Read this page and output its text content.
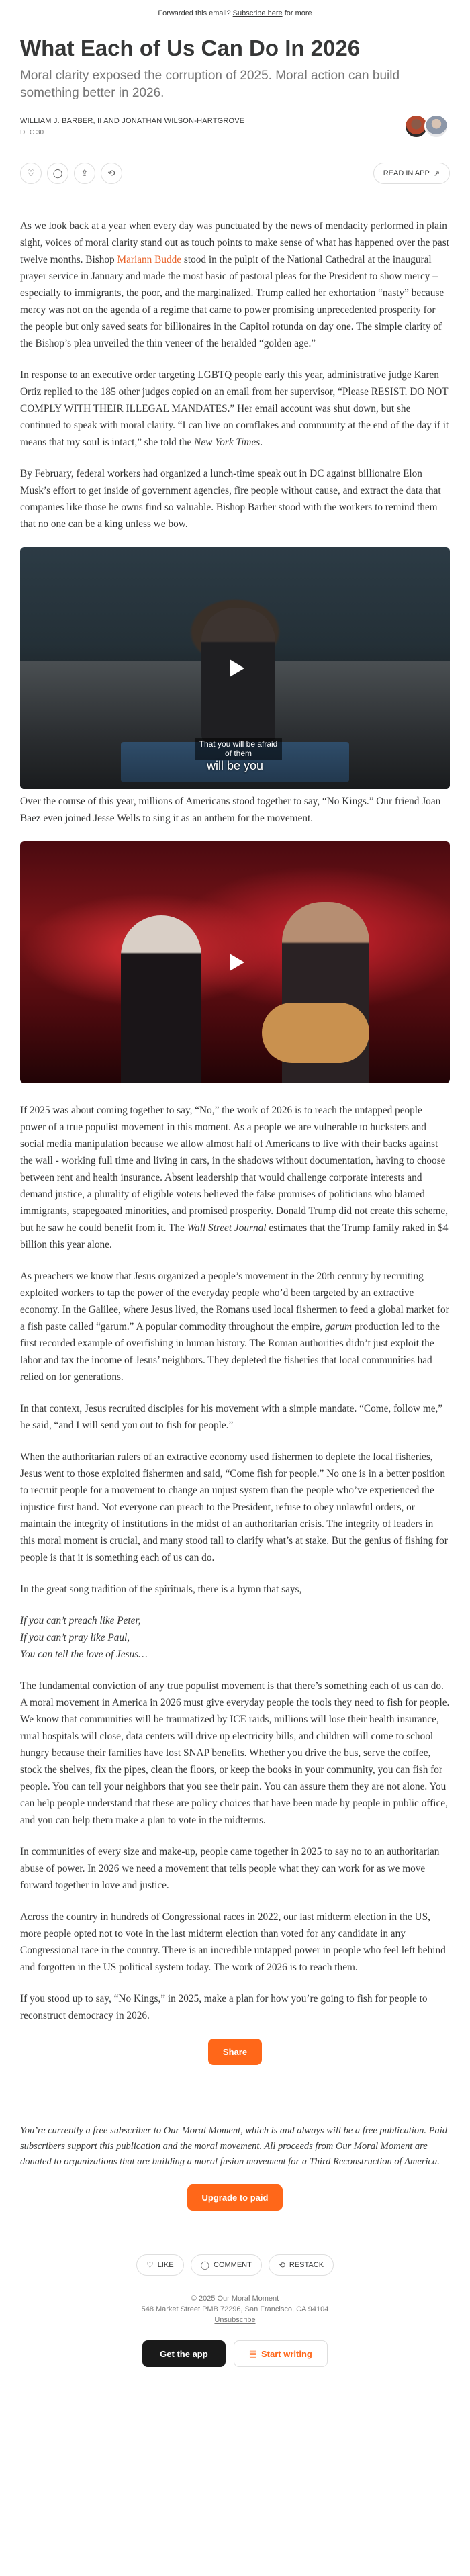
Forwarded this email? Subscribe here for more
What Each of Us Can Do In 2026
Moral clarity exposed the corruption of 2025. Moral action can build something better in 2026.
WILLIAM J. BARBER, II AND JONATHAN WILSON-HARTGROVE
DEC 30
♡ ◯ ⇪ ⟲	READ IN APP ↗

As we look back at a year when every day was punctuated by the news of mendacity performed in plain sight, voices of moral clarity stand out as touch points to make sense of what has happened over the past twelve months. Bishop Mariann Budde stood in the pulpit of the National Cathedral at the inaugural prayer service in January and made the most basic of pastoral pleas for the President to show mercy – especially to immigrants, the poor, and the marginalized. Trump called her exhortation “nasty” because mercy was not on the agenda of a regime that came to power promising unprecedented prosperity for the people but only saved seats for billionaires in the Capitol rotunda on day one. The simple clarity of the Bishop’s plea unveiled the thin veneer of the heralded “golden age.”

In response to an executive order targeting LGBTQ people early this year, administrative judge Karen Ortiz replied to the 185 other judges copied on an email from her supervisor, “Please RESIST. DO NOT COMPLY WITH THEIR ILLEGAL MANDATES.” Her email account was shut down, but she continued to speak with moral clarity. “I can live on cornflakes and community at the end of the day if it means that my soul is intact,” she told the New York Times.

By February, federal workers had organized a lunch-time speak out in DC against billionaire Elon Musk’s effort to get inside of government agencies, fire people without cause, and extract the data that companies like those he owns find so valuable. Bishop Barber stood with the workers to remind them that no one can be a king unless we bow.

That you will be afraid of them
will be you

Over the course of this year, millions of Americans stood together to say, “No Kings.” Our friend Joan Baez even joined Jesse Wells to sing it as an anthem for the movement.

If 2025 was about coming together to say, “No,” the work of 2026 is to reach the untapped people power of a true populist movement in this moment. As a people we are vulnerable to hucksters and social media manipulation because we allow almost half of Americans to live with their backs against the wall - working full time and living in cars, in the shadows without documentation, having to choose between rent and health insurance. Absent leadership that would challenge corporate interests and demand justice, a plurality of eligible voters believed the false promises of politicians who blamed immigrants, scapegoated minorities, and promised prosperity. Donald Trump did not create this scheme, but he saw he could benefit from it. The Wall Street Journal estimates that the Trump family raked in $4 billion this year alone.

As preachers we know that Jesus organized a people’s movement in the 20th century by recruiting exploited workers to tap the power of the everyday people who’d been targeted by an extractive economy. In the Galilee, where Jesus lived, the Romans used local fishermen to feed a global market for a fish paste called “garum.” A popular commodity throughout the empire, garum production led to the first recorded example of overfishing in human history. The Roman authorities didn’t just exploit the labor and tax the income of Jesus’ neighbors. They depleted the fisheries that local communities had relied on for generations.

In that context, Jesus recruited disciples for his movement with a simple mandate. “Come, follow me,” he said, “and I will send you out to fish for people.”

When the authoritarian rulers of an extractive economy used fishermen to deplete the local fisheries, Jesus went to those exploited fishermen and said, “Come fish for people.” No one is in a better position to recruit people for a movement to change an unjust system than the people who’ve experienced the injustice first hand. Not everyone can preach to the President, refuse to obey unlawful orders, or maintain the integrity of institutions in the midst of an authoritarian crisis. The integrity of leaders in this moral moment is crucial, and many stood tall to clarify what’s at stake. But the genius of fishing for people is that it is something each of us can do.

In the great song tradition of the spirituals, there is a hymn that says,

If you can’t preach like Peter,
If you can’t pray like Paul,
You can tell the love of Jesus…

The fundamental conviction of any true populist movement is that there’s something each of us can do. A moral movement in America in 2026 must give everyday people the tools they need to fish for people. We know that communities will be traumatized by ICE raids, millions will lose their health insurance, rural hospitals will close, data centers will drive up electricity bills, and children will come to school hungry because their families have lost SNAP benefits. Whether you drive the bus, serve the coffee, stock the shelves, fix the pipes, clean the floors, or keep the books in your community, you can fish for people. You can tell your neighbors that you see their pain. You can assure them they are not alone. You can help people understand that these are policy choices that have been made by people in public office, and you can help them make a plan to vote in the midterms.

In communities of every size and make-up, people came together in 2025 to say no to an authoritarian abuse of power. In 2026 we need a movement that tells people what they can work for as we move forward together in love and justice.

Across the country in hundreds of Congressional races in 2022, our last midterm election in the US, more people opted not to vote in the last midterm election than voted for any candidate in any Congressional race in the country. There is an incredible untapped power in people who feel left behind and forgotten in the US political system today. The work of 2026 is to reach them.

If you stood up to say, “No Kings,” in 2025, make a plan for how you’re going to fish for people to reconstruct democracy in 2026.

Share

You’re currently a free subscriber to Our Moral Moment, which is and always will be a free publication. Paid subscribers support this publication and the moral movement. All proceeds from Our Moral Moment are donated to organizations that are building a moral fusion movement for a Third Reconstruction of America.

Upgrade to paid
♡ LIKE	◯ COMMENT	⟲ RESTACK
© 2025 Our Moral Moment
548 Market Street PMB 72296, San Francisco, CA 94104
Unsubscribe
Get the app	▤ Start writing
